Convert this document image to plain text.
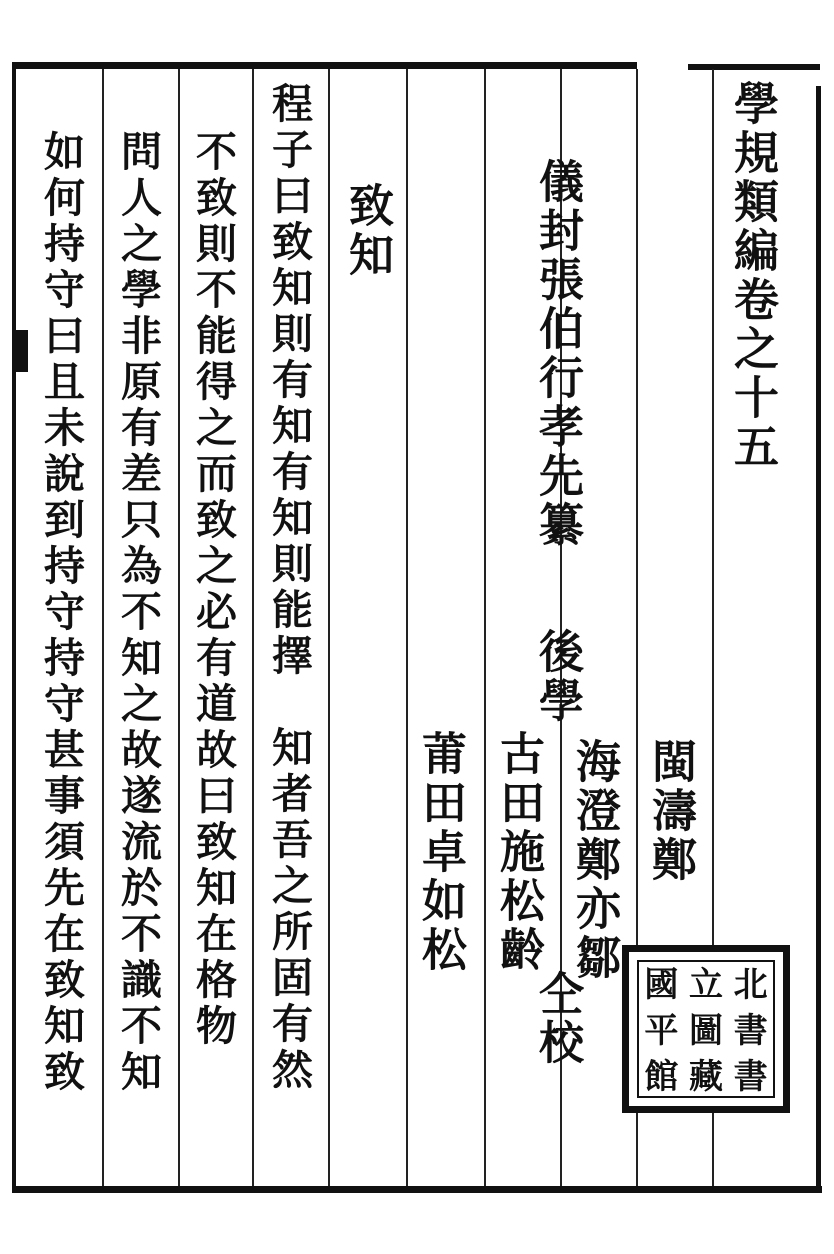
學規類編卷之十五
閩濤鄭
海澄鄭亦鄒
儀封張伯行孝先纂
後學
仝校
古田施松齡
莆田卓如松
致知
程子曰致知則有知有知則能擇　知者吾之所固有然
不致則不能得之而致之必有道故曰致知在格物
問人之學非原有差只為不知之故遂流於不識不知
如何持守曰且未說到持守持守甚事須先在致知致	國 立 北
平 圖 書
館 藏 書
